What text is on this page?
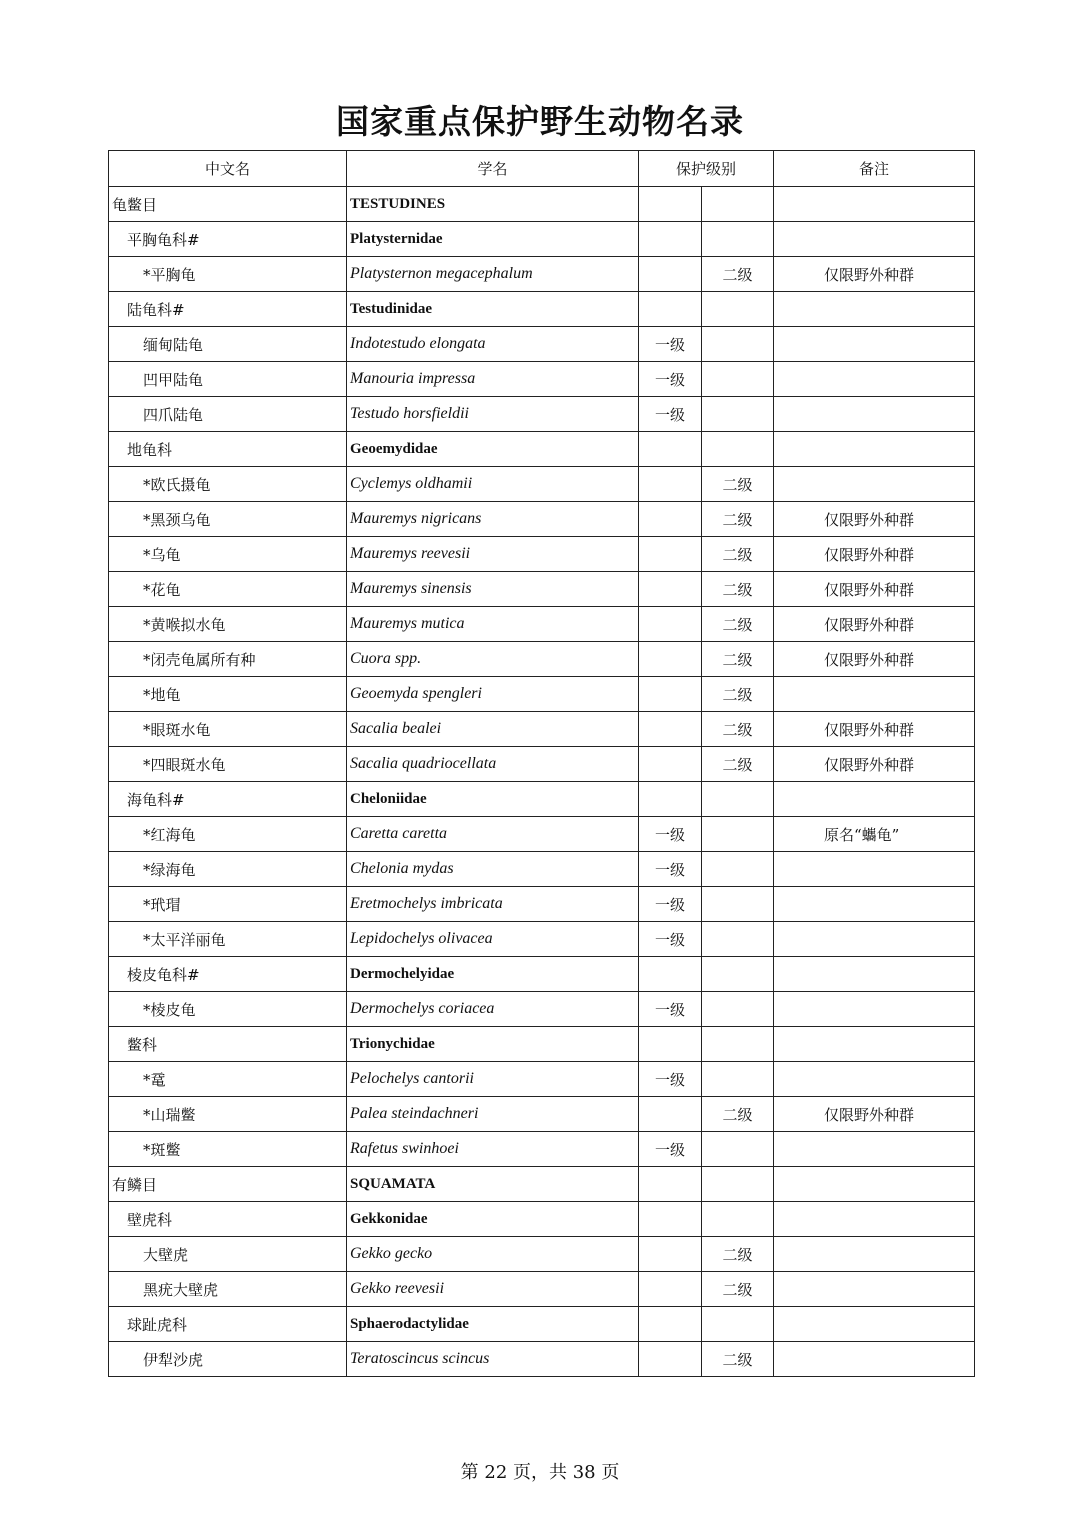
国家重点保护野生动物名录
中文名	学名	保护级别		备注
龟鳖目	TESTUDINES			
平胸龟科#	Platysternidae			
*平胸龟	Platysternon megacephalum		二级	仅限野外种群
陆龟科#	Testudinidae			
缅甸陆龟	Indotestudo elongata	一级		
凹甲陆龟	Manouria impressa	一级		
四爪陆龟	Testudo horsfieldii	一级		
地龟科	Geoemydidae			
*欧氏摄龟	Cyclemys oldhamii		二级	
*黑颈乌龟	Mauremys nigricans		二级	仅限野外种群
*乌龟	Mauremys reevesii		二级	仅限野外种群
*花龟	Mauremys sinensis		二级	仅限野外种群
*黄喉拟水龟	Mauremys mutica		二级	仅限野外种群
*闭壳龟属所有种	Cuora spp.		二级	仅限野外种群
*地龟	Geoemyda spengleri		二级	
*眼斑水龟	Sacalia bealei		二级	仅限野外种群
*四眼斑水龟	Sacalia quadriocellata		二级	仅限野外种群
海龟科#	Cheloniidae			
*红海龟	Caretta caretta	一级		原名“蠵龟”
*绿海龟	Chelonia mydas	一级		
*玳瑁	Eretmochelys imbricata	一级		
*太平洋丽龟	Lepidochelys olivacea	一级		
棱皮龟科#	Dermochelyidae			
*棱皮龟	Dermochelys coriacea	一级		
鳖科	Trionychidae			
*鼋	Pelochelys cantorii	一级		
*山瑞鳖	Palea steindachneri		二级	仅限野外种群
*斑鳖	Rafetus swinhoei	一级		
有鳞目	SQUAMATA			
壁虎科	Gekkonidae			
大壁虎	Gekko gecko		二级	
黑疣大壁虎	Gekko reevesii		二级	
球趾虎科	Sphaerodactylidae			
伊犁沙虎	Teratoscincus scincus		二级	
第 22 页，共 38 页
